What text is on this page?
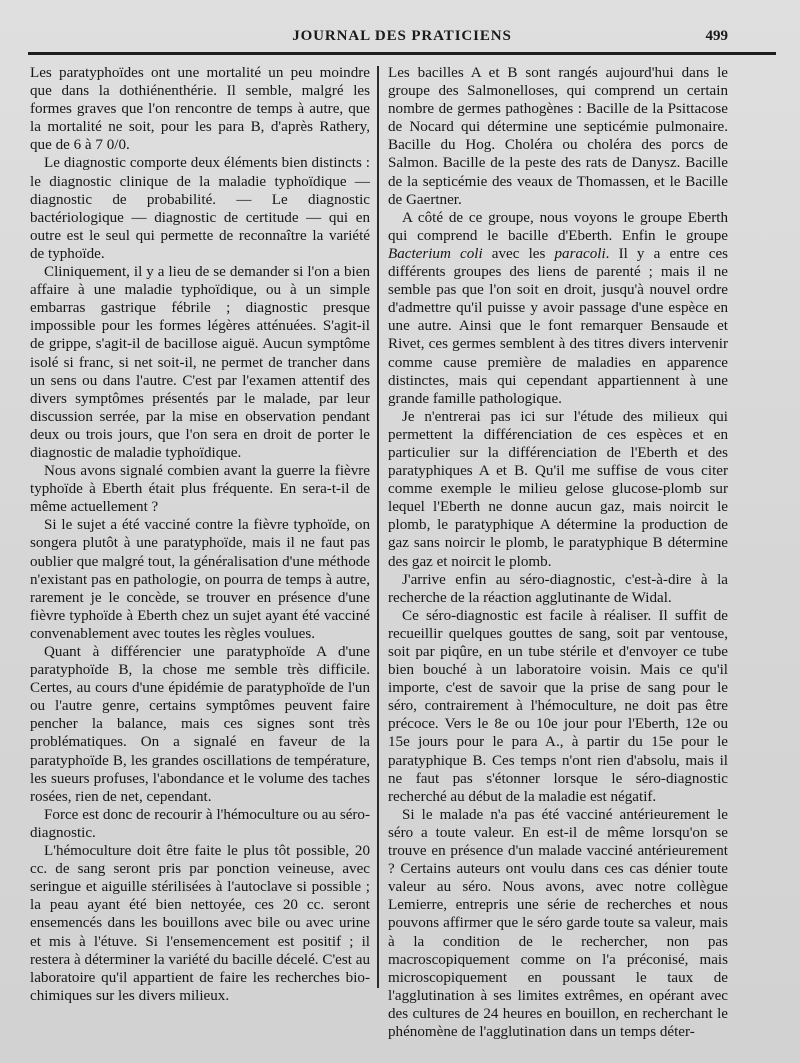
JOURNAL DES PRATICIENS	499

Les paratyphoïdes ont une mortalité un peu moindre que dans la dothiénenthérie. Il semble, malgré les formes graves que l'on rencontre de temps à autre, que la mortalité ne soit, pour les para B, d'après Rathery, que de 6 à 7 0/0.

Le diagnostic comporte deux éléments bien distincts : le diagnostic clinique de la maladie typhoïdique — diagnostic de probabilité. — Le diagnostic bactériologique — diagnostic de certitude — qui en outre est le seul qui permette de reconnaître la variété de typhoïde.

Cliniquement, il y a lieu de se demander si l'on a bien affaire à une maladie typhoïdique, ou à un simple embarras gastrique fébrile ; diagnostic presque impossible pour les formes légères atténuées. S'agit-il de grippe, s'agit-il de bacillose aiguë. Aucun symptôme isolé si franc, si net soit-il, ne permet de trancher dans un sens ou dans l'autre. C'est par l'examen attentif des divers symptômes présentés par le malade, par leur discussion serrée, par la mise en observation pendant deux ou trois jours, que l'on sera en droit de porter le diagnostic de maladie typhoïdique.

Nous avons signalé combien avant la guerre la fièvre typhoïde à Eberth était plus fréquente. En sera-t-il de même actuellement ?

Si le sujet a été vacciné contre la fièvre typhoïde, on songera plutôt à une paratyphoïde, mais il ne faut pas oublier que malgré tout, la généralisation d'une méthode n'existant pas en pathologie, on pourra de temps à autre, rarement je le concède, se trouver en présence d'une fièvre typhoïde à Eberth chez un sujet ayant été vacciné convenablement avec toutes les règles voulues.

Quant à différencier une paratyphoïde A d'une paratyphoïde B, la chose me semble très difficile. Certes, au cours d'une épidémie de paratyphoïde de l'un ou l'autre genre, certains symptômes peuvent faire pencher la balance, mais ces signes sont très problématiques. On a signalé en faveur de la paratyphoïde B, les grandes oscillations de température, les sueurs profuses, l'abondance et le volume des taches rosées, rien de net, cependant.

Force est donc de recourir à l'hémoculture ou au séro-diagnostic.

L'hémoculture doit être faite le plus tôt possible, 20 cc. de sang seront pris par ponction veineuse, avec seringue et aiguille stérilisées à l'autoclave si possible ; la peau ayant été bien nettoyée, ces 20 cc. seront ensemencés dans les bouillons avec bile ou avec urine et mis à l'étuve. Si l'ensemencement est positif ; il restera à déterminer la variété du bacille décelé. C'est au laboratoire qu'il appartient de faire les recherches bio-chimiques sur les divers milieux.

Les bacilles A et B sont rangés aujourd'hui dans le groupe des Salmonelloses, qui comprend un certain nombre de germes pathogènes : Bacille de la Psittacose de Nocard qui détermine une septicémie pulmonaire. Bacille du Hog. Choléra ou choléra des porcs de Salmon. Bacille de la peste des rats de Danysz. Bacille de la septicémie des veaux de Thomassen, et le Bacille de Gaertner.

A côté de ce groupe, nous voyons le groupe Eberth qui comprend le bacille d'Eberth. Enfin le groupe Bacterium coli avec les paracoli. Il y a entre ces différents groupes des liens de parenté ; mais il ne semble pas que l'on soit en droit, jusqu'à nouvel ordre d'admettre qu'il puisse y avoir passage d'une espèce en une autre. Ainsi que le font remarquer Bensaude et Rivet, ces germes semblent à des titres divers intervenir comme cause première de maladies en apparence distinctes, mais qui cependant appartiennent à une grande famille pathologique.

Je n'entrerai pas ici sur l'étude des milieux qui permettent la différenciation de ces espèces et en particulier sur la différenciation de l'Eberth et des paratyphiques A et B. Qu'il me suffise de vous citer comme exemple le milieu gelose glucose-plomb sur lequel l'Eberth ne donne aucun gaz, mais noircit le plomb, le paratyphique A détermine la production de gaz sans noircir le plomb, le paratyphique B détermine des gaz et noircit le plomb.

J'arrive enfin au séro-diagnostic, c'est-à-dire à la recherche de la réaction agglutinante de Widal.

Ce séro-diagnostic est facile à réaliser. Il suffit de recueillir quelques gouttes de sang, soit par ventouse, soit par piqûre, en un tube stérile et d'envoyer ce tube bien bouché à un laboratoire voisin. Mais ce qu'il importe, c'est de savoir que la prise de sang pour le séro, contrairement à l'hémoculture, ne doit pas être précoce. Vers le 8e ou 10e jour pour l'Eberth, 12e ou 15e jours pour le para A., à partir du 15e pour le paratyphique B. Ces temps n'ont rien d'absolu, mais il ne faut pas s'étonner lorsque le séro-diagnostic recherché au début de la maladie est négatif.

Si le malade n'a pas été vacciné antérieurement le séro a toute valeur. En est-il de même lorsqu'on se trouve en présence d'un malade vacciné antérieurement ? Certains auteurs ont voulu dans ces cas dénier toute valeur au séro. Nous avons, avec notre collègue Lemierre, entrepris une série de recherches et nous pouvons affirmer que le séro garde toute sa valeur, mais à la condition de le rechercher, non pas macroscopiquement comme on l'a préconisé, mais microscopiquement en poussant le taux de l'agglutination à ses limites extrêmes, en opérant avec des cultures de 24 heures en bouillon, en recherchant le phénomène de l'agglutination dans un temps déter-
